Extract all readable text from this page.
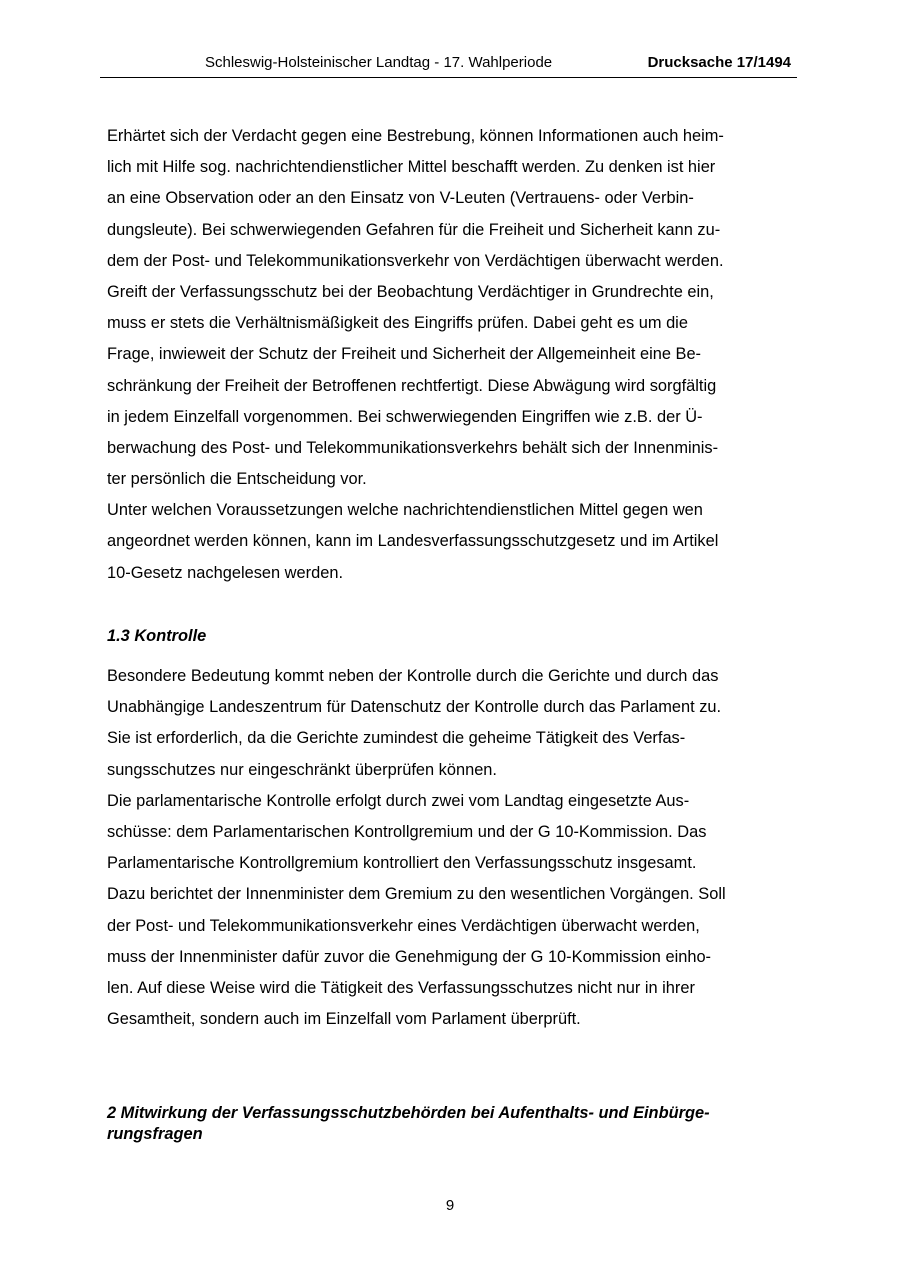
Schleswig-Holsteinischer Landtag - 17. Wahlperiode	Drucksache 17/1494
Erhärtet sich der Verdacht gegen eine Bestrebung, können Informationen auch heim-
lich mit Hilfe sog. nachrichtendienstlicher Mittel beschafft werden. Zu denken ist hier
an eine Observation oder an den Einsatz von V-Leuten (Vertrauens- oder Verbin-
dungsleute). Bei schwerwiegenden Gefahren für die Freiheit und Sicherheit kann zu-
dem der Post- und Telekommunikationsverkehr von Verdächtigen überwacht werden.
Greift der Verfassungsschutz bei der Beobachtung Verdächtiger in Grundrechte ein,
muss er stets die Verhältnismäßigkeit des Eingriffs prüfen. Dabei geht es um die
Frage, inwieweit der Schutz der Freiheit und Sicherheit der Allgemeinheit eine Be-
schränkung der Freiheit der Betroffenen rechtfertigt. Diese Abwägung wird sorgfältig
in jedem Einzelfall vorgenommen. Bei schwerwiegenden Eingriffen wie z.B. der Ü-
berwachung des Post- und Telekommunikationsverkehrs behält sich der Innenminis-
ter persönlich die Entscheidung vor.
Unter welchen Voraussetzungen welche nachrichtendienstlichen Mittel gegen wen
angeordnet werden können, kann im Landesverfassungsschutzgesetz und im Artikel
10-Gesetz nachgelesen werden.
1.3 Kontrolle
Besondere Bedeutung kommt neben der Kontrolle durch die Gerichte und durch das
Unabhängige Landeszentrum für Datenschutz der Kontrolle durch das Parlament zu.
Sie ist erforderlich, da die Gerichte zumindest die geheime Tätigkeit des Verfas-
sungsschutzes nur eingeschränkt überprüfen können.
Die parlamentarische Kontrolle erfolgt durch zwei vom Landtag eingesetzte Aus-
schüsse: dem Parlamentarischen Kontrollgremium und der G 10-Kommission. Das
Parlamentarische Kontrollgremium kontrolliert den Verfassungsschutz insgesamt.
Dazu berichtet der Innenminister dem Gremium zu den wesentlichen Vorgängen. Soll
der Post- und Telekommunikationsverkehr eines Verdächtigen überwacht werden,
muss der Innenminister dafür zuvor die Genehmigung der G 10-Kommission einho-
len. Auf diese Weise wird die Tätigkeit des Verfassungsschutzes nicht nur in ihrer
Gesamtheit, sondern auch im Einzelfall vom Parlament überprüft.
2 Mitwirkung der Verfassungsschutzbehörden bei Aufenthalts- und Einbürge-
rungsfragen
9
